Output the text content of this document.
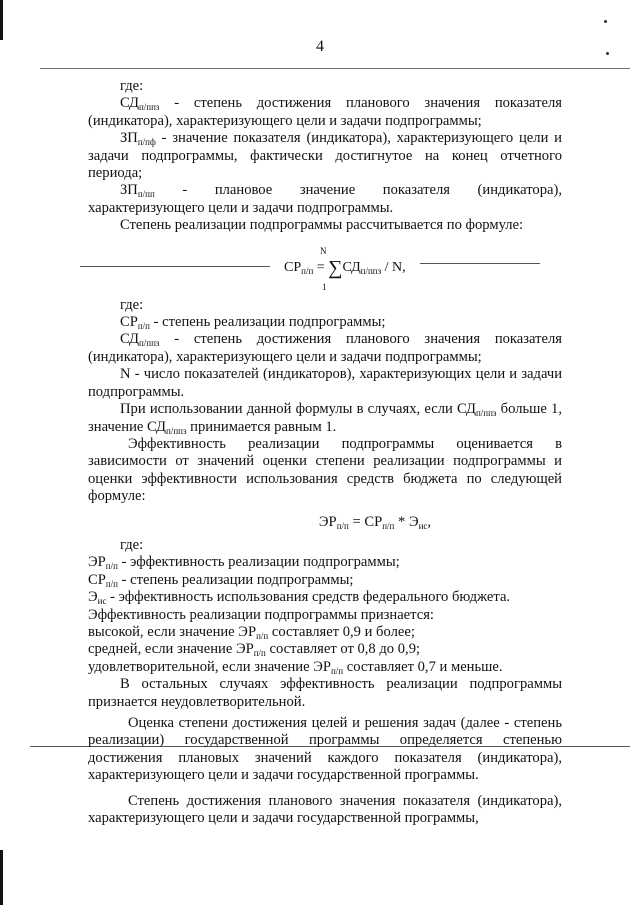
4

где:

$СД_{п/ппз}$ - степень достижения планового значения показателя (индикатора), характеризующего цели и задачи подпрограммы;

$ЗП_{п/пф}$ - значение показателя (индикатора), характеризующего цели и задачи подпрограммы, фактически достигнутое на конец отчетного периода;

$ЗП_{п/пп}$ - плановое значение показателя (индикатора), характеризующего цели и задачи подпрограммы.

Степень реализации подпрограммы рассчитывается по формуле:

N
$СР_{п/п} = \sum СД_{п/ппз} / N$,
1

где:

$СР_{п/п}$ - степень реализации подпрограммы;

$СД_{п/ппз}$ - степень достижения планового значения показателя (индикатора), характеризующего цели и задачи подпрограммы;

N - число показателей (индикаторов), характеризующих цели и задачи подпрограммы.

При использовании данной формулы в случаях, если $СД_{п/ппз}$ больше 1, значение $СД_{п/ппз}$ принимается равным 1.

Эффективность реализации подпрограммы оценивается в зависимости от значений оценки степени реализации подпрограммы и оценки эффективности использования средств бюджета по следующей формуле:

$ЭР_{п/п} = СР_{п/п} * Э_{ис}$,

где:

$ЭР_{п/п}$ - эффективность реализации подпрограммы;

$СР_{п/п}$ - степень реализации подпрограммы;

$Э_{ис}$ - эффективность использования средств федерального бюджета.

Эффективность реализации подпрограммы признается:

высокой, если значение $ЭР_{п/п}$ составляет 0,9 и более;

средней, если значение $ЭР_{п/п}$ составляет от 0,8 до 0,9;

удовлетворительной, если значение $ЭР_{п/п}$ составляет 0,7 и меньше.

В остальных случаях эффективность реализации подпрограммы признается неудовлетворительной.

Оценка степени достижения целей и решения задач (далее - степень реализации) государственной программы определяется степенью достижения плановых значений каждого показателя (индикатора), характеризующего цели и задачи государственной программы.

Степень достижения планового значения показателя (индикатора), характеризующего цели и задачи государственной программы,
